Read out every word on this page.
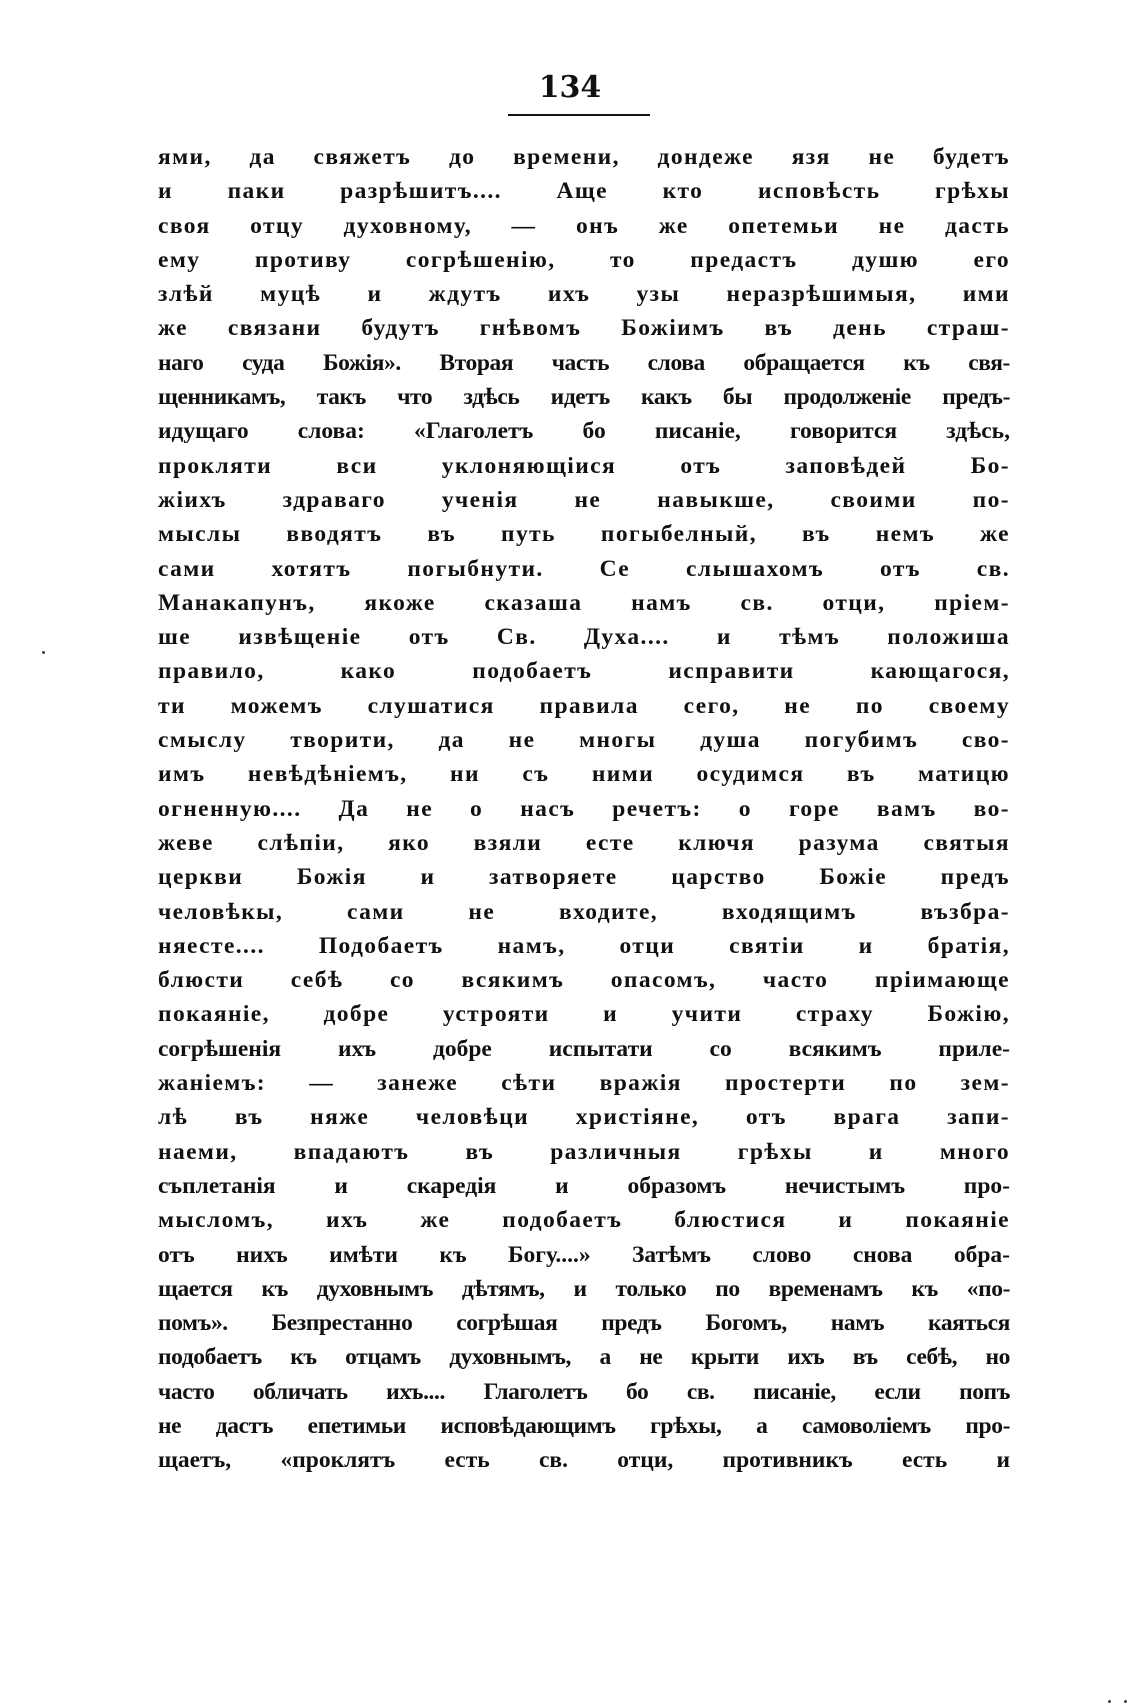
134
ями, да свяжетъ до времени, дондеже язя не будетъ
и паки разрѣшитъ.... Аще кто исповѣсть грѣхы
своя отцу духовному, — онъ же опетемьи не дасть
ему противу согрѣшенію, то предастъ душю его
злѣй муцѣ и ждутъ ихъ узы неразрѣшимыя, ими
же связани будутъ гнѣвомъ Божіимъ въ день страш-
наго суда Божія». Вторая часть слова обращается къ свя-
щенникамъ, такъ что здѣсь идетъ какъ бы продолженіе предъ-
идущаго слова: «Глаголетъ бо писаніе, говорится здѣсь,
прокляти вси уклоняющіися отъ заповѣдей Бо-
жіихъ здраваго ученія не навыкше, своими по-
мыслы вводятъ въ путь погыбелный, въ немъ же
сами хотятъ погыбнути. Се слышахомъ отъ св.
Манакапунъ, якоже сказаша намъ св. отци, пріем-
ше извѣщеніе отъ Св. Духа.... и тѣмъ положиша
правило, како подобаетъ исправити кающагося,
ти можемъ слушатися правила сего, не по своему
смыслу творити, да не многы душа погубимъ сво-
имъ невѣдѣніемъ, ни съ ними осудимся въ матицю
огненную.... Да не о насъ речетъ: о горе вамъ во-
жеве слѣпіи, яко взяли есте ключя разума святыя
церкви Божія и затворяете царство Божіе предъ
человѣкы, сами не входите, входящимъ възбра-
няесте.... Подобаетъ намъ, отци святіи и братія,
блюсти себѣ со всякимъ опасомъ, часто пріимающе
покаяніе, добре устрояти и учити страху Божію,
согрѣшенія ихъ добре испытати со всякимъ приле-
жаніемъ: — занеже сѣти вражія простерти по зем-
лѣ въ няже человѣци христіяне, отъ врага запи-
наеми, впадаютъ въ различныя грѣхы и много
съплетанія и скаредія и образомъ нечистымъ про-
мысломъ, ихъ же подобаетъ блюстися и покаяніе
отъ нихъ имѣти къ Богу....» Затѣмъ слово снова обра-
щается къ духовнымъ дѣтямъ, и только по временамъ къ «по-
помъ». Безпрестанно согрѣшая предъ Богомъ, намъ каяться
подобаетъ къ отцамъ духовнымъ, а не крыти ихъ въ себѣ, но
часто обличать ихъ.... Глаголетъ бо св. писаніе, если попъ
не дастъ епетимьи исповѣдающимъ грѣхы, а самоволіемъ про-
щаетъ, «проклятъ есть св. отци, противникъ есть и
